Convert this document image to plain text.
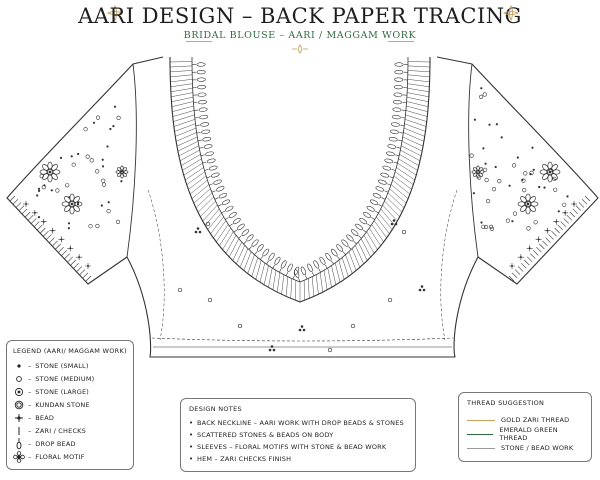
AARI DESIGN – BACK PAPER TRACING
BRIDAL BLOUSE – AARI / MAGGAM WORK
LEGEND (AARI/ MAGGAM WORK)
– STONE (SMALL)
– STONE (MEDIUM)
– STONE (LARGE)
– KUNDAN STONE
– BEAD
– ZARI / CHECKS
– DROP BEAD
– FLORAL MOTIF
DESIGN NOTES
• BACK NECKLINE – AARI WORK WITH DROP BEADS & STONES
• SCATTERED STONES & BEADS ON BODY
• SLEEVES – FLORAL MOTIFS WITH STONE & BEAD WORK
• HEM – ZARI CHECKS FINISH
THREAD SUGGESTION
GOLD ZARI THREAD
EMERALD GREEN THREAD
STONE / BEAD WORK
